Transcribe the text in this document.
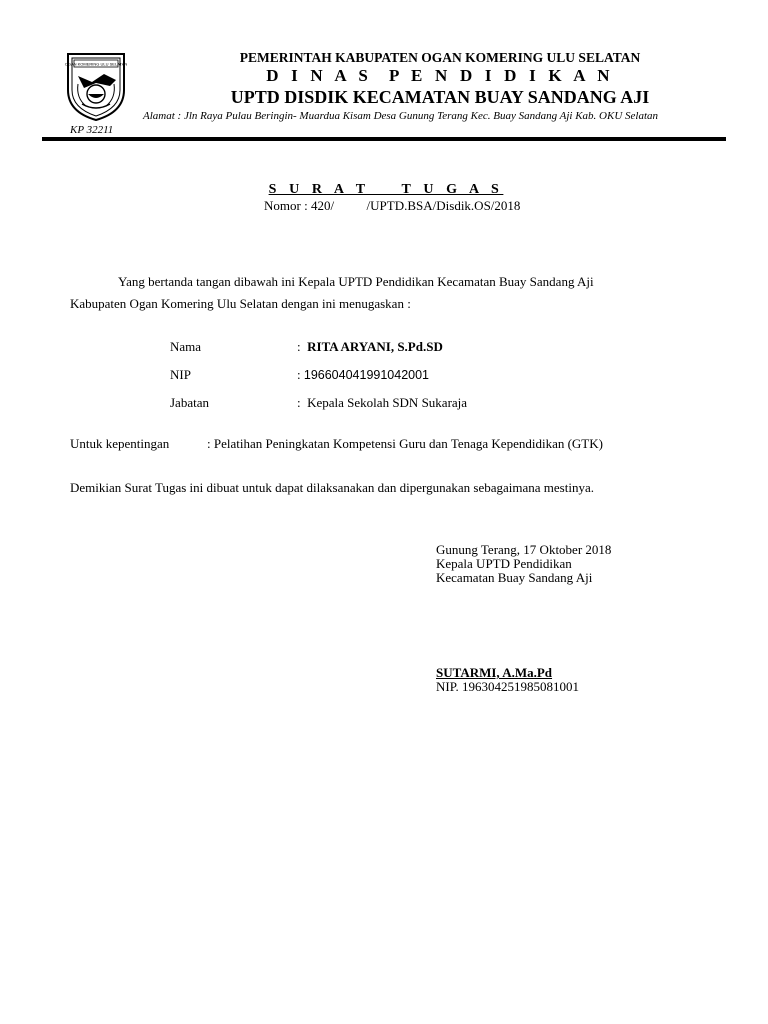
OGAN KOMERING ULU SELATAN	PEMERINTAH KABUPATEN OGAN KOMERING ULU SELATAN
D I N A S  P E N D I D I K A N
UPTD DISDIK KECAMATAN BUAY SANDANG AJI
Alamat : Jln Raya Pulau Beringin- Muardua Kisam Desa Gunung Terang Kec. Buay Sandang Aji Kab. OKU Selatan
KP 32211
S U R A T    T U G A S
Nomor : 420/          /UPTD.BSA/Disdik.OS/2018
Yang bertanda tangan dibawah ini Kepala UPTD Pendidikan Kecamatan Buay Sandang Aji
Kabupaten Ogan Komering Ulu Selatan dengan ini menugaskan :
Nama	: RITA ARYANI, S.Pd.SD
NIP	: 196604041991042001
Jabatan	: Kepala Sekolah SDN Sukaraja
Untuk kepentingan	: Pelatihan Peningkatan Kompetensi Guru dan Tenaga Kependidikan (GTK)
Demikian Surat Tugas ini dibuat untuk dapat dilaksanakan dan dipergunakan sebagaimana mestinya.
Gunung Terang, 17 Oktober 2018
Kepala UPTD Pendidikan
Kecamatan Buay Sandang Aji
SUTARMI, A.Ma.Pd
NIP. 196304251985081001
